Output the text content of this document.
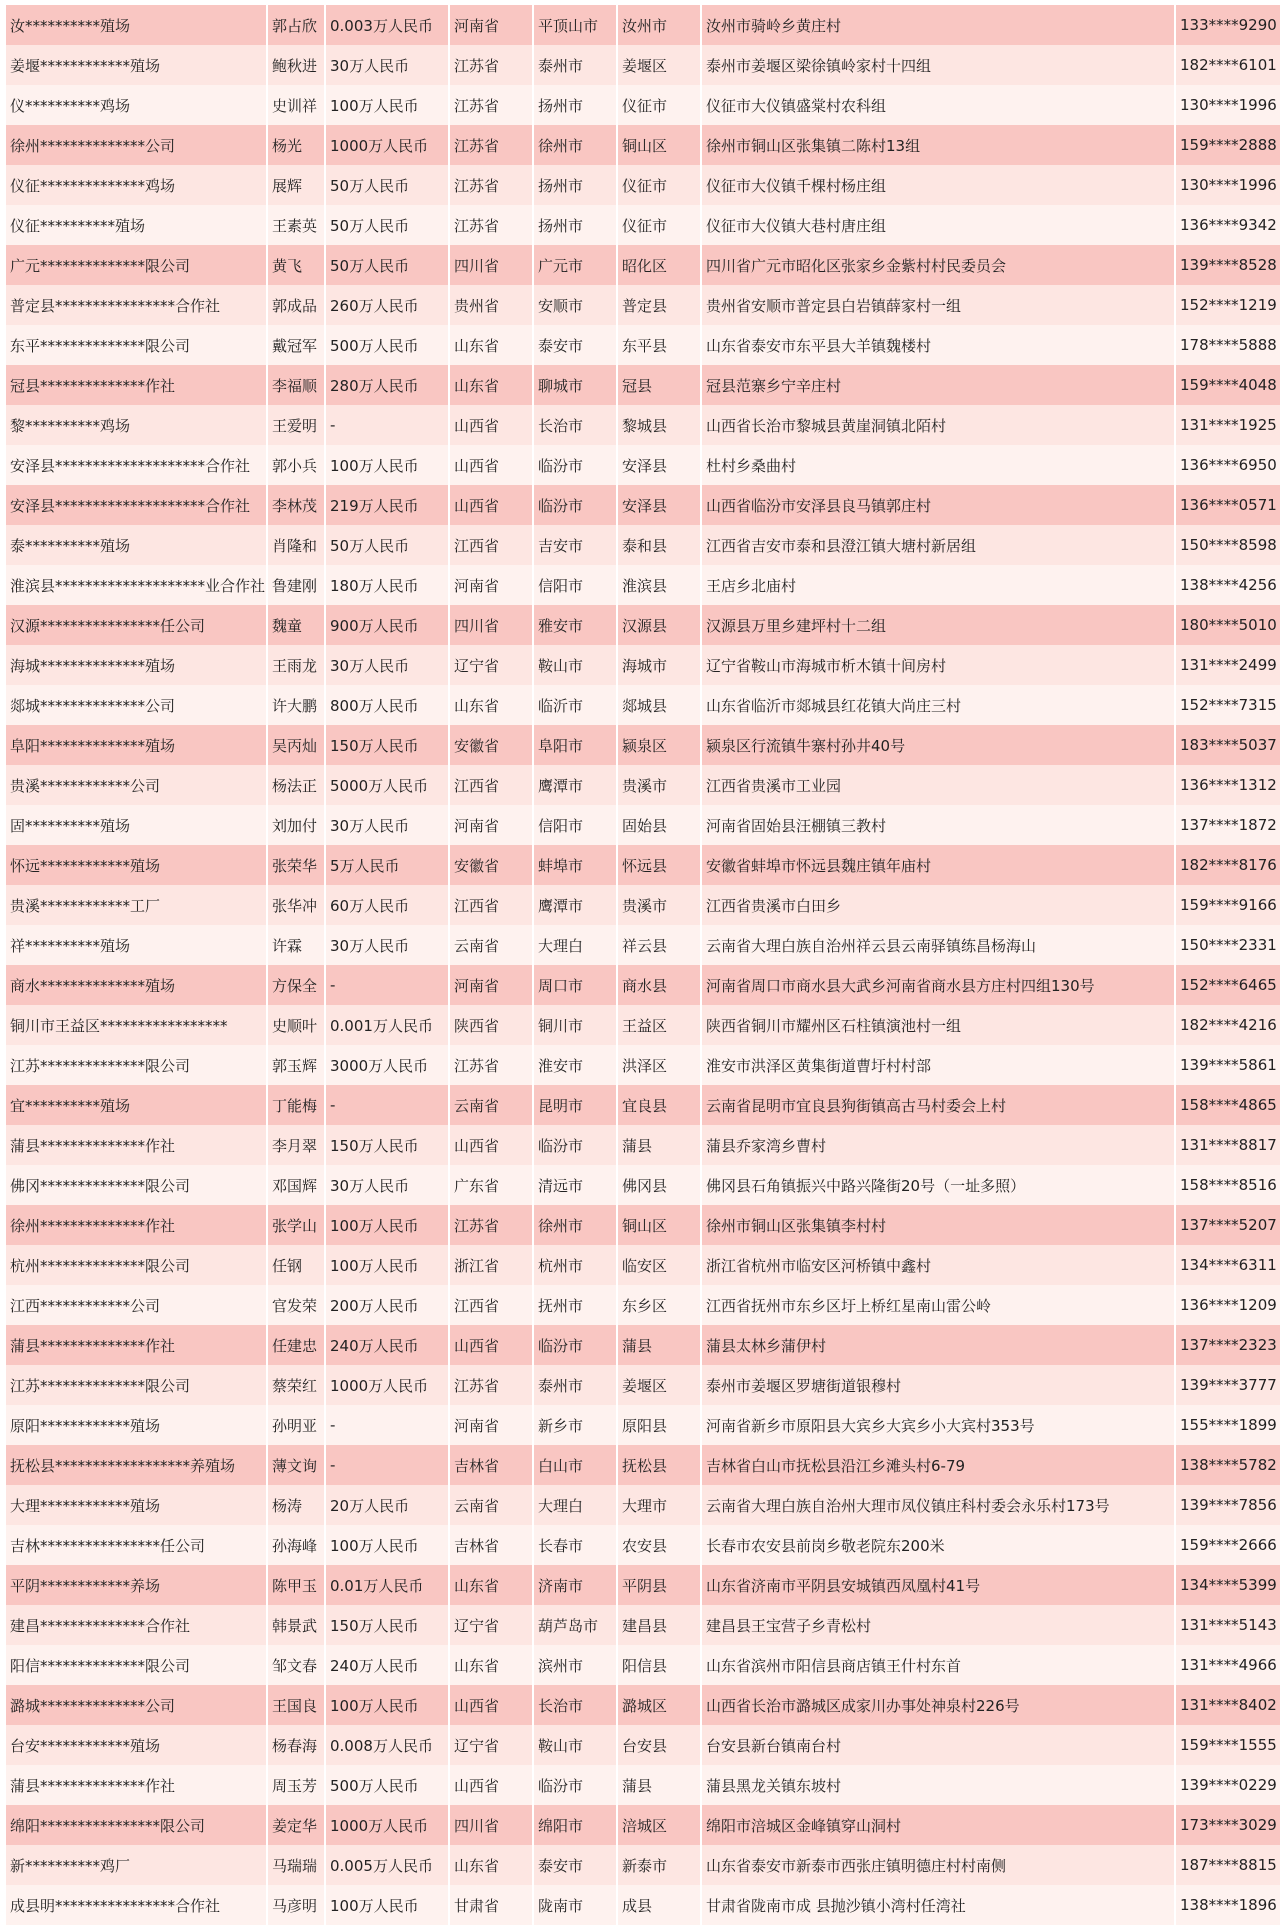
汝**********殖场	郭占欣	0.003万人民币	河南省	平顶山市	汝州市	汝州市骑岭乡黄庄村	133****9290
姜堰************殖场	鲍秋进	30万人民币	江苏省	泰州市	姜堰区	泰州市姜堰区梁徐镇岭家村十四组	182****6101
仪**********鸡场	史训祥	100万人民币	江苏省	扬州市	仪征市	仪征市大仪镇盛棠村农科组	130****1996
徐州**************公司	杨光	1000万人民币	江苏省	徐州市	铜山区	徐州市铜山区张集镇二陈村13组	159****2888
仪征**************鸡场	展辉	50万人民币	江苏省	扬州市	仪征市	仪征市大仪镇千棵村杨庄组	130****1996
仪征**********殖场	王素英	50万人民币	江苏省	扬州市	仪征市	仪征市大仪镇大巷村唐庄组	136****9342
广元**************限公司	黄飞	50万人民币	四川省	广元市	昭化区	四川省广元市昭化区张家乡金紫村村民委员会	139****8528
普定县****************合作社	郭成品	260万人民币	贵州省	安顺市	普定县	贵州省安顺市普定县白岩镇薛家村一组	152****1219
东平**************限公司	戴冠军	500万人民币	山东省	泰安市	东平县	山东省泰安市东平县大羊镇魏楼村	178****5888
冠县**************作社	李福顺	280万人民币	山东省	聊城市	冠县	冠县范寨乡宁辛庄村	159****4048
黎**********鸡场	王爱明	-	山西省	长治市	黎城县	山西省长治市黎城县黄崖洞镇北陌村	131****1925
安泽县********************合作社	郭小兵	100万人民币	山西省	临汾市	安泽县	杜村乡桑曲村	136****6950
安泽县********************合作社	李林茂	219万人民币	山西省	临汾市	安泽县	山西省临汾市安泽县良马镇郭庄村	136****0571
泰**********殖场	肖隆和	50万人民币	江西省	吉安市	泰和县	江西省吉安市泰和县澄江镇大塘村新居组	150****8598
淮滨县********************业合作社	鲁建刚	180万人民币	河南省	信阳市	淮滨县	王店乡北庙村	138****4256
汉源****************任公司	魏童	900万人民币	四川省	雅安市	汉源县	汉源县万里乡建坪村十二组	180****5010
海城**************殖场	王雨龙	30万人民币	辽宁省	鞍山市	海城市	辽宁省鞍山市海城市析木镇十间房村	131****2499
郯城**************公司	许大鹏	800万人民币	山东省	临沂市	郯城县	山东省临沂市郯城县红花镇大尚庄三村	152****7315
阜阳**************殖场	吴丙灿	150万人民币	安徽省	阜阳市	颍泉区	颍泉区行流镇牛寨村孙井40号	183****5037
贵溪************公司	杨法正	5000万人民币	江西省	鹰潭市	贵溪市	江西省贵溪市工业园	136****1312
固**********殖场	刘加付	30万人民币	河南省	信阳市	固始县	河南省固始县汪棚镇三教村	137****1872
怀远************殖场	张荣华	5万人民币	安徽省	蚌埠市	怀远县	安徽省蚌埠市怀远县魏庄镇年庙村	182****8176
贵溪************工厂	张华冲	60万人民币	江西省	鹰潭市	贵溪市	江西省贵溪市白田乡	159****9166
祥**********殖场	许霖	30万人民币	云南省	大理白	祥云县	云南省大理白族自治州祥云县云南驿镇练昌杨海山	150****2331
商水**************殖场	方保全	-	河南省	周口市	商水县	河南省周口市商水县大武乡河南省商水县方庄村四组130号	152****6465
铜川市王益区*****************	史顺叶	0.001万人民币	陕西省	铜川市	王益区	陕西省铜川市耀州区石柱镇演池村一组	182****4216
江苏**************限公司	郭玉辉	3000万人民币	江苏省	淮安市	洪泽区	淮安市洪泽区黄集街道曹圩村村部	139****5861
宜**********殖场	丁能梅	-	云南省	昆明市	宜良县	云南省昆明市宜良县狗街镇高古马村委会上村	158****4865
蒲县**************作社	李月翠	150万人民币	山西省	临汾市	蒲县	蒲县乔家湾乡曹村	131****8817
佛冈**************限公司	邓国辉	30万人民币	广东省	清远市	佛冈县	佛冈县石角镇振兴中路兴隆街20号（一址多照）	158****8516
徐州**************作社	张学山	100万人民币	江苏省	徐州市	铜山区	徐州市铜山区张集镇李村村	137****5207
杭州**************限公司	任钢	100万人民币	浙江省	杭州市	临安区	浙江省杭州市临安区河桥镇中鑫村	134****6311
江西************公司	官发荣	200万人民币	江西省	抚州市	东乡区	江西省抚州市东乡区圩上桥红星南山雷公岭	136****1209
蒲县**************作社	任建忠	240万人民币	山西省	临汾市	蒲县	蒲县太林乡蒲伊村	137****2323
江苏**************限公司	蔡荣红	1000万人民币	江苏省	泰州市	姜堰区	泰州市姜堰区罗塘街道银穆村	139****3777
原阳************殖场	孙明亚	-	河南省	新乡市	原阳县	河南省新乡市原阳县大宾乡大宾乡小大宾村353号	155****1899
抚松县******************养殖场	薄文询	-	吉林省	白山市	抚松县	吉林省白山市抚松县沿江乡滩头村6-79	138****5782
大理************殖场	杨涛	20万人民币	云南省	大理白	大理市	云南省大理白族自治州大理市凤仪镇庄科村委会永乐村173号	139****7856
吉林****************任公司	孙海峰	100万人民币	吉林省	长春市	农安县	长春市农安县前岗乡敬老院东200米	159****2666
平阴************养场	陈甲玉	0.01万人民币	山东省	济南市	平阴县	山东省济南市平阴县安城镇西凤凰村41号	134****5399
建昌**************合作社	韩景武	150万人民币	辽宁省	葫芦岛市	建昌县	建昌县王宝营子乡青松村	131****5143
阳信**************限公司	邹文春	240万人民币	山东省	滨州市	阳信县	山东省滨州市阳信县商店镇王什村东首	131****4966
潞城**************公司	王国良	100万人民币	山西省	长治市	潞城区	山西省长治市潞城区成家川办事处神泉村226号	131****8402
台安************殖场	杨春海	0.008万人民币	辽宁省	鞍山市	台安县	台安县新台镇南台村	159****1555
蒲县**************作社	周玉芳	500万人民币	山西省	临汾市	蒲县	蒲县黑龙关镇东坡村	139****0229
绵阳****************限公司	姜定华	1000万人民币	四川省	绵阳市	涪城区	绵阳市涪城区金峰镇穿山洞村	173****3029
新**********鸡厂	马瑞瑞	0.005万人民币	山东省	泰安市	新泰市	山东省泰安市新泰市西张庄镇明德庄村村南侧	187****8815
成县明****************合作社	马彦明	100万人民币	甘肃省	陇南市	成县	甘肃省陇南市成 县抛沙镇小湾村任湾社	138****1896
